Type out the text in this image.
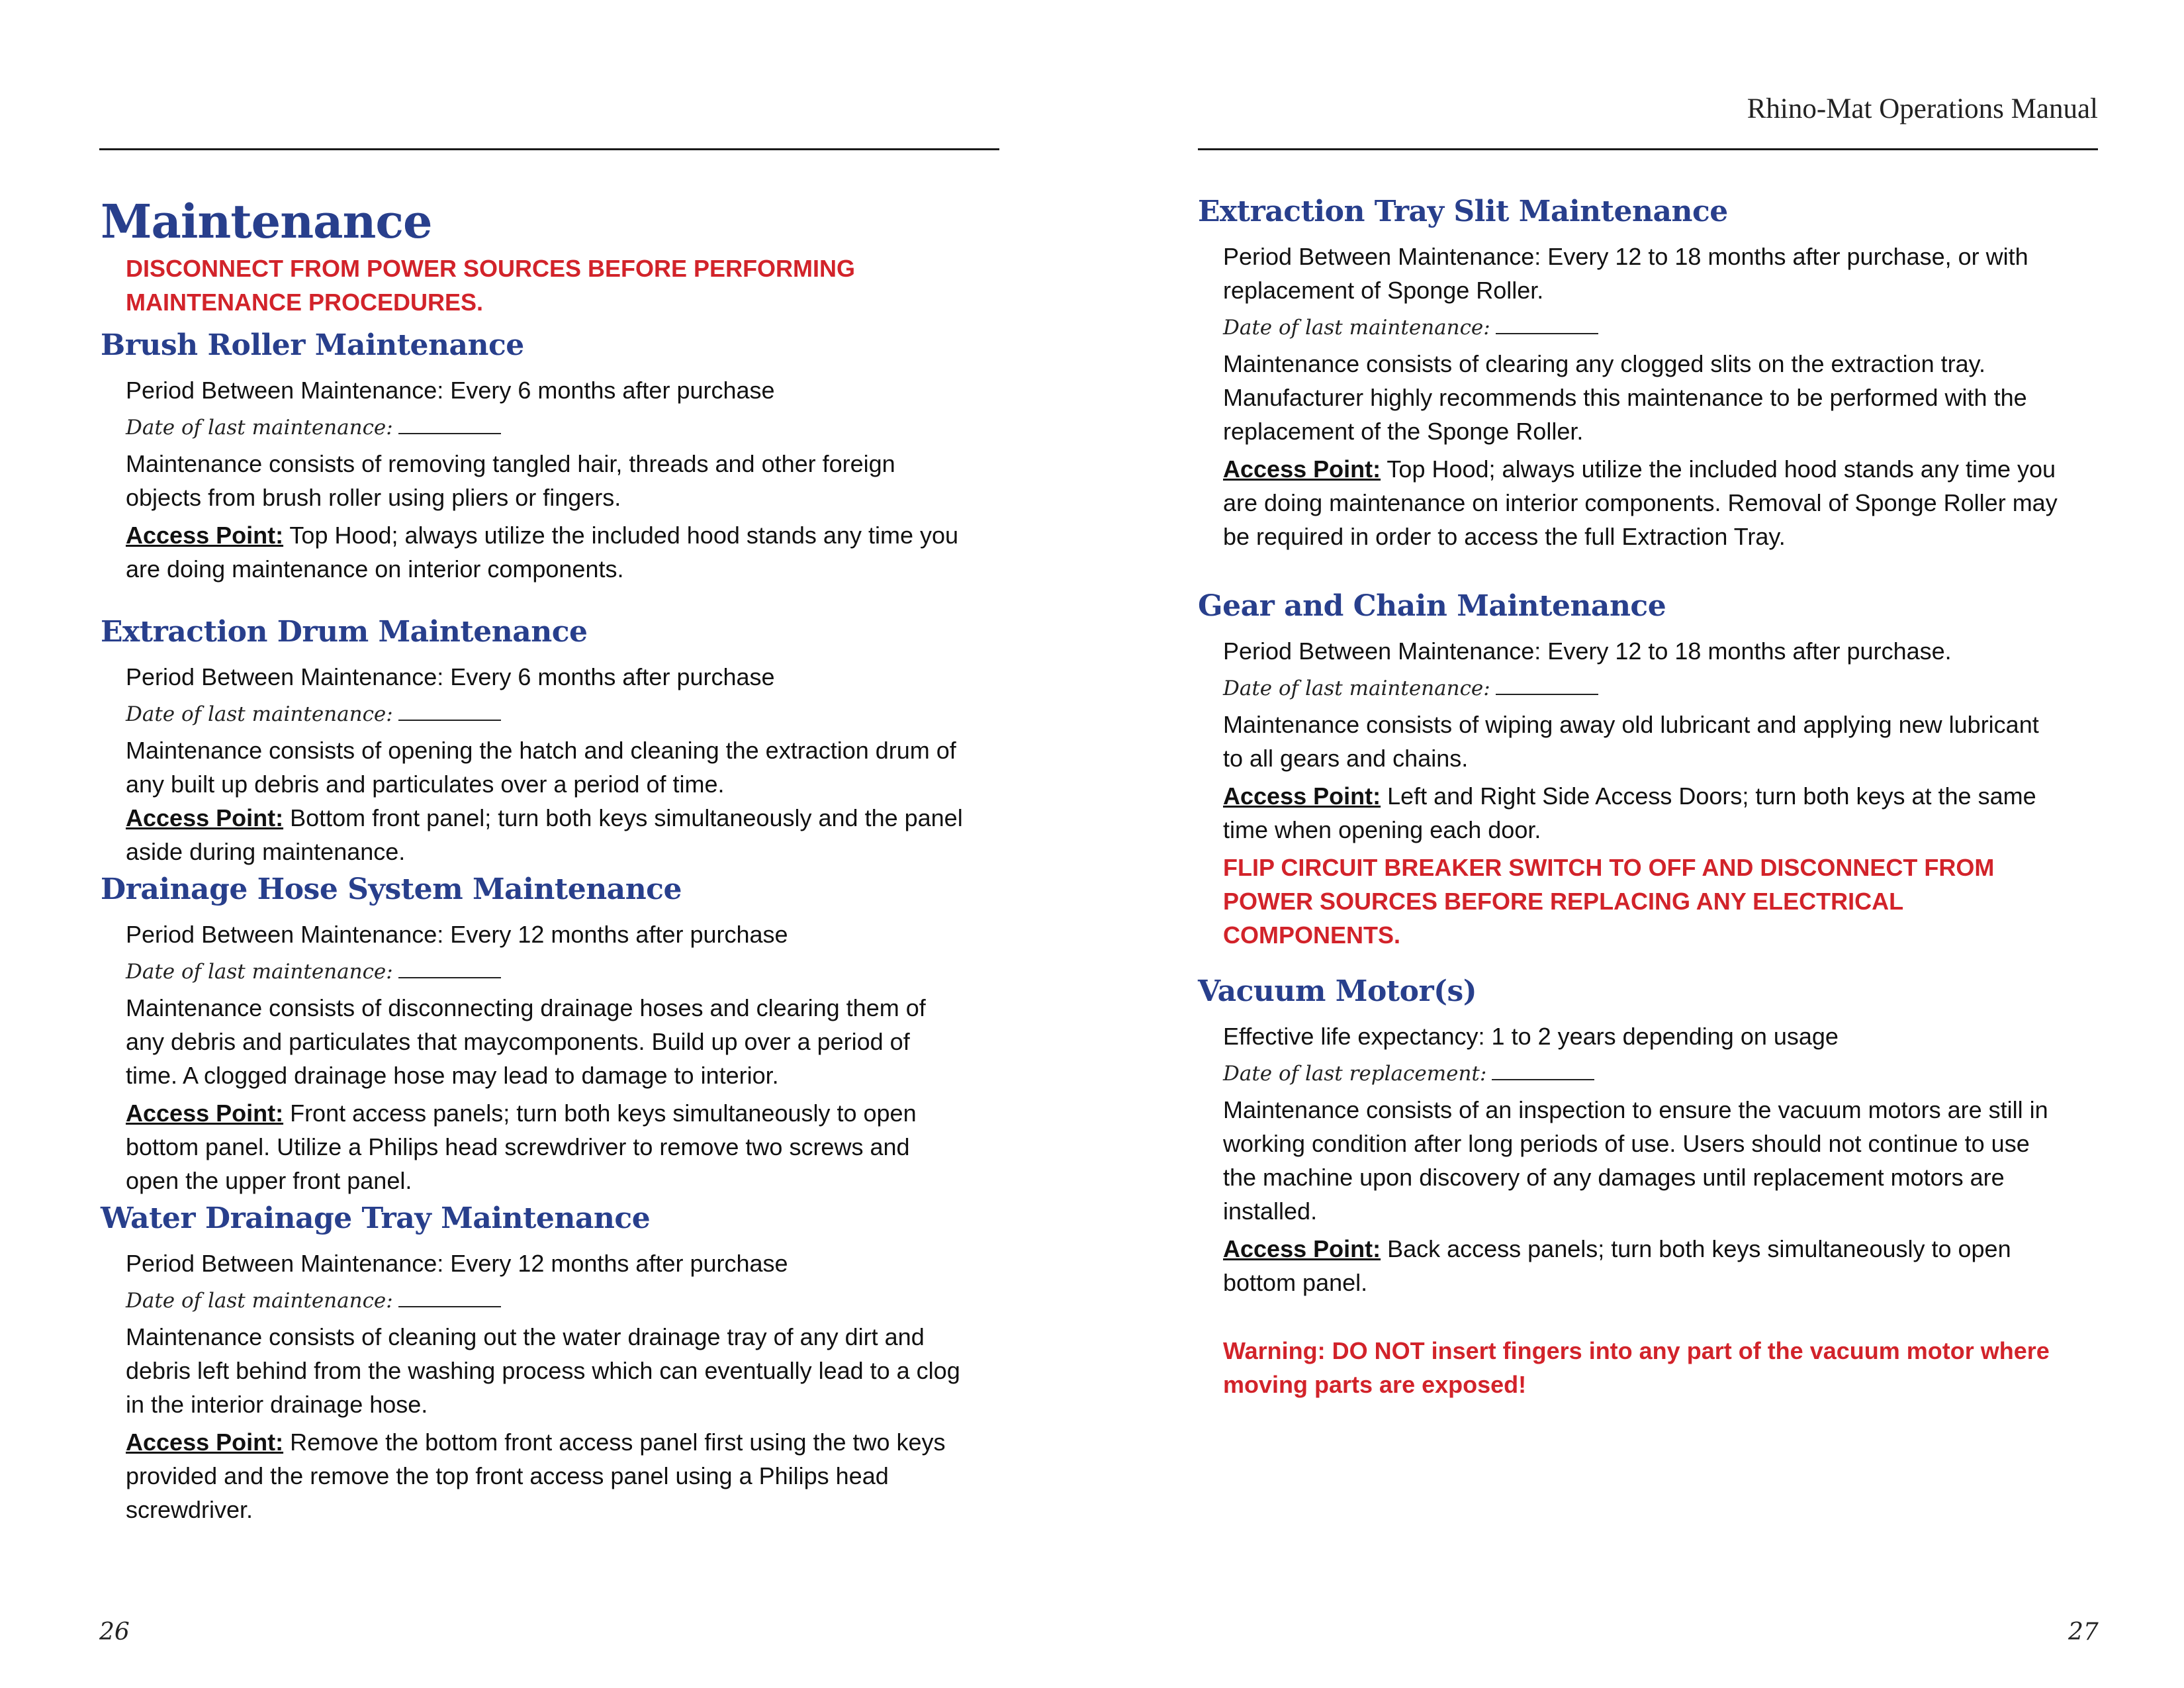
Maintenance

DISCONNECT FROM POWER SOURCES BEFORE PERFORMING MAINTENANCE PROCEDURES.

Brush Roller Maintenance

Period Between Maintenance: Every 6 months after purchase

Date of last maintenance:

Maintenance consists of removing tangled hair, threads and other foreign objects from brush roller using pliers or fingers.

Access Point: Top Hood; always utilize the included hood stands any time you are doing maintenance on interior components.

Extraction Drum Maintenance

Period Between Maintenance: Every 6 months after purchase

Date of last maintenance:

Maintenance consists of opening the hatch and cleaning the extraction drum of any built up debris and particulates over a period of time.

Access Point: Bottom front panel; turn both keys simultaneously and the panel aside during maintenance.

Drainage Hose System Maintenance

Period Between Maintenance: Every 12 months after purchase

Date of last maintenance:

Maintenance consists of disconnecting drainage hoses and clearing them of any debris and particulates that maycomponents. Build up over a period of time. A clogged drainage hose may lead to damage to interior.

Access Point: Front access panels; turn both keys simultaneously to open bottom panel. Utilize a Philips head screwdriver to remove two screws and open the upper front panel.

Water Drainage Tray Maintenance

Period Between Maintenance: Every 12 months after purchase

Date of last maintenance:

Maintenance consists of cleaning out the water drainage tray of any dirt and debris left behind from the washing process which can eventually lead to a clog in the interior drainage hose.

Access Point: Remove the bottom front access panel first using the two keys provided and the remove the top front access panel using a Philips head screwdriver.

26
Rhino-Mat Operations Manual
Extraction Tray Slit Maintenance

Period Between Maintenance: Every 12 to 18 months after purchase, or with replacement of Sponge Roller.

Date of last maintenance:

Maintenance consists of clearing any clogged slits on the extraction tray. Manufacturer highly recommends this maintenance to be performed with the replacement of the Sponge Roller.

Access Point: Top Hood; always utilize the included hood stands any time you are doing maintenance on interior components. Removal of Sponge Roller may be required in order to access the full Extraction Tray.

Gear and Chain Maintenance

Period Between Maintenance: Every 12 to 18 months after purchase.

Date of last maintenance:

Maintenance consists of wiping away old lubricant and applying new lubricant to all gears and chains.

Access Point: Left and Right Side Access Doors; turn both keys at the same time when opening each door.

FLIP CIRCUIT BREAKER SWITCH TO OFF AND DISCONNECT FROM POWER SOURCES BEFORE REPLACING ANY ELECTRICAL COMPONENTS.

Vacuum Motor(s)

Effective life expectancy: 1 to 2 years depending on usage

Date of last replacement:

Maintenance consists of an inspection to ensure the vacuum motors are still in working condition after long periods of use. Users should not continue to use the machine upon discovery of any damages until replacement motors are installed.

Access Point: Back access panels; turn both keys simultaneously to open bottom panel.

Warning: DO NOT insert fingers into any part of the vacuum motor where moving parts are exposed!

27
